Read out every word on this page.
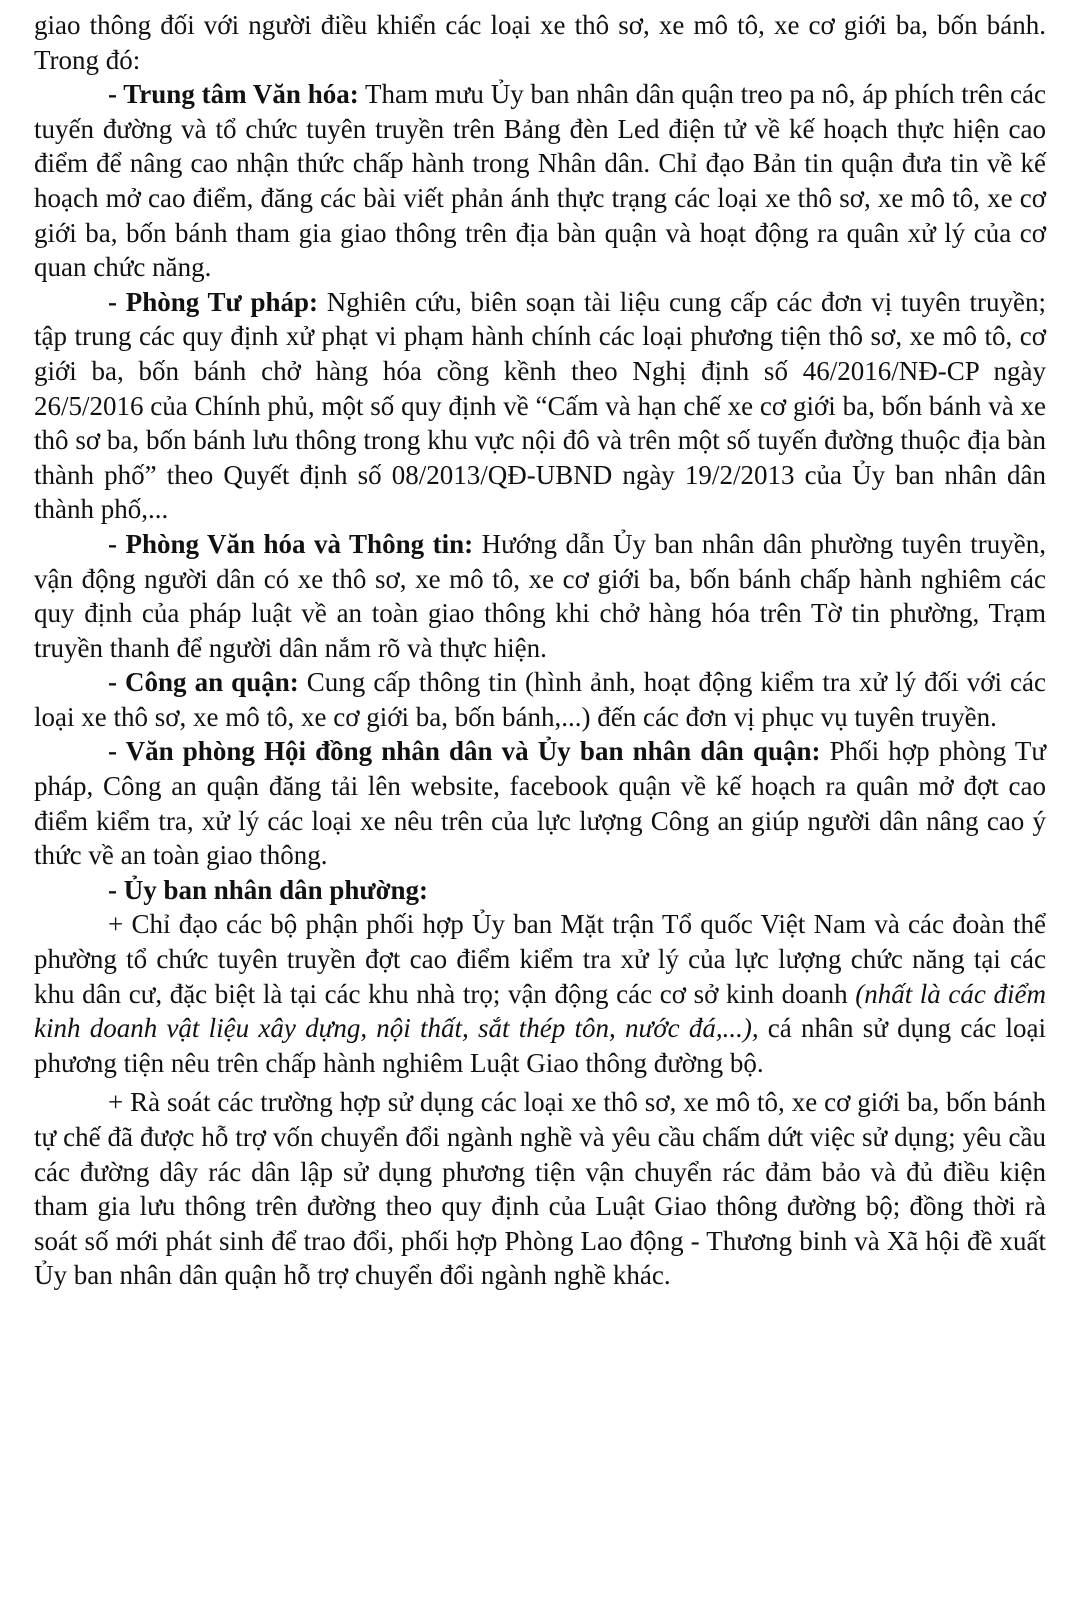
giao thông đối với người điều khiển các loại xe thô sơ, xe mô tô, xe cơ giới ba, bốn bánh. Trong đó:

- Trung tâm Văn hóa: Tham mưu Ủy ban nhân dân quận treo pa nô, áp phích trên các tuyến đường và tổ chức tuyên truyền trên Bảng đèn Led điện tử về kế hoạch thực hiện cao điểm để nâng cao nhận thức chấp hành trong Nhân dân. Chỉ đạo Bản tin quận đưa tin về kế hoạch mở cao điểm, đăng các bài viết phản ánh thực trạng các loại xe thô sơ, xe mô tô, xe cơ giới ba, bốn bánh tham gia giao thông trên địa bàn quận và hoạt động ra quân xử lý của cơ quan chức năng.

- Phòng Tư pháp: Nghiên cứu, biên soạn tài liệu cung cấp các đơn vị tuyên truyền; tập trung các quy định xử phạt vi phạm hành chính các loại phương tiện thô sơ, xe mô tô, cơ giới ba, bốn bánh chở hàng hóa cồng kềnh theo Nghị định số 46/2016/NĐ-CP ngày 26/5/2016 của Chính phủ, một số quy định về “Cấm và hạn chế xe cơ giới ba, bốn bánh và xe thô sơ ba, bốn bánh lưu thông trong khu vực nội đô và trên một số tuyến đường thuộc địa bàn thành phố” theo Quyết định số 08/2013/QĐ-UBND ngày 19/2/2013 của Ủy ban nhân dân thành phố,...

- Phòng Văn hóa và Thông tin: Hướng dẫn Ủy ban nhân dân phường tuyên truyền, vận động người dân có xe thô sơ, xe mô tô, xe cơ giới ba, bốn bánh chấp hành nghiêm các quy định của pháp luật về an toàn giao thông khi chở hàng hóa trên Tờ tin phường, Trạm truyền thanh để người dân nắm rõ và thực hiện.

- Công an quận: Cung cấp thông tin (hình ảnh, hoạt động kiểm tra xử lý đối với các loại xe thô sơ, xe mô tô, xe cơ giới ba, bốn bánh,...) đến các đơn vị phục vụ tuyên truyền.

- Văn phòng Hội đồng nhân dân và Ủy ban nhân dân quận: Phối hợp phòng Tư pháp, Công an quận đăng tải lên website, facebook quận về kế hoạch ra quân mở đợt cao điểm kiểm tra, xử lý các loại xe nêu trên của lực lượng Công an giúp người dân nâng cao ý thức về an toàn giao thông.

- Ủy ban nhân dân phường:

+ Chỉ đạo các bộ phận phối hợp Ủy ban Mặt trận Tổ quốc Việt Nam và các đoàn thể phường tổ chức tuyên truyền đợt cao điểm kiểm tra xử lý của lực lượng chức năng tại các khu dân cư, đặc biệt là tại các khu nhà trọ; vận động các cơ sở kinh doanh (nhất là các điểm kinh doanh vật liệu xây dựng, nội thất, sắt thép tôn, nước đá,...), cá nhân sử dụng các loại phương tiện nêu trên chấp hành nghiêm Luật Giao thông đường bộ.

+ Rà soát các trường hợp sử dụng các loại xe thô sơ, xe mô tô, xe cơ giới ba, bốn bánh tự chế đã được hỗ trợ vốn chuyển đổi ngành nghề và yêu cầu chấm dứt việc sử dụng; yêu cầu các đường dây rác dân lập sử dụng phương tiện vận chuyển rác đảm bảo và đủ điều kiện tham gia lưu thông trên đường theo quy định của Luật Giao thông đường bộ; đồng thời rà soát số mới phát sinh để trao đổi, phối hợp Phòng Lao động - Thương binh và Xã hội đề xuất Ủy ban nhân dân quận hỗ trợ chuyển đổi ngành nghề khác.
